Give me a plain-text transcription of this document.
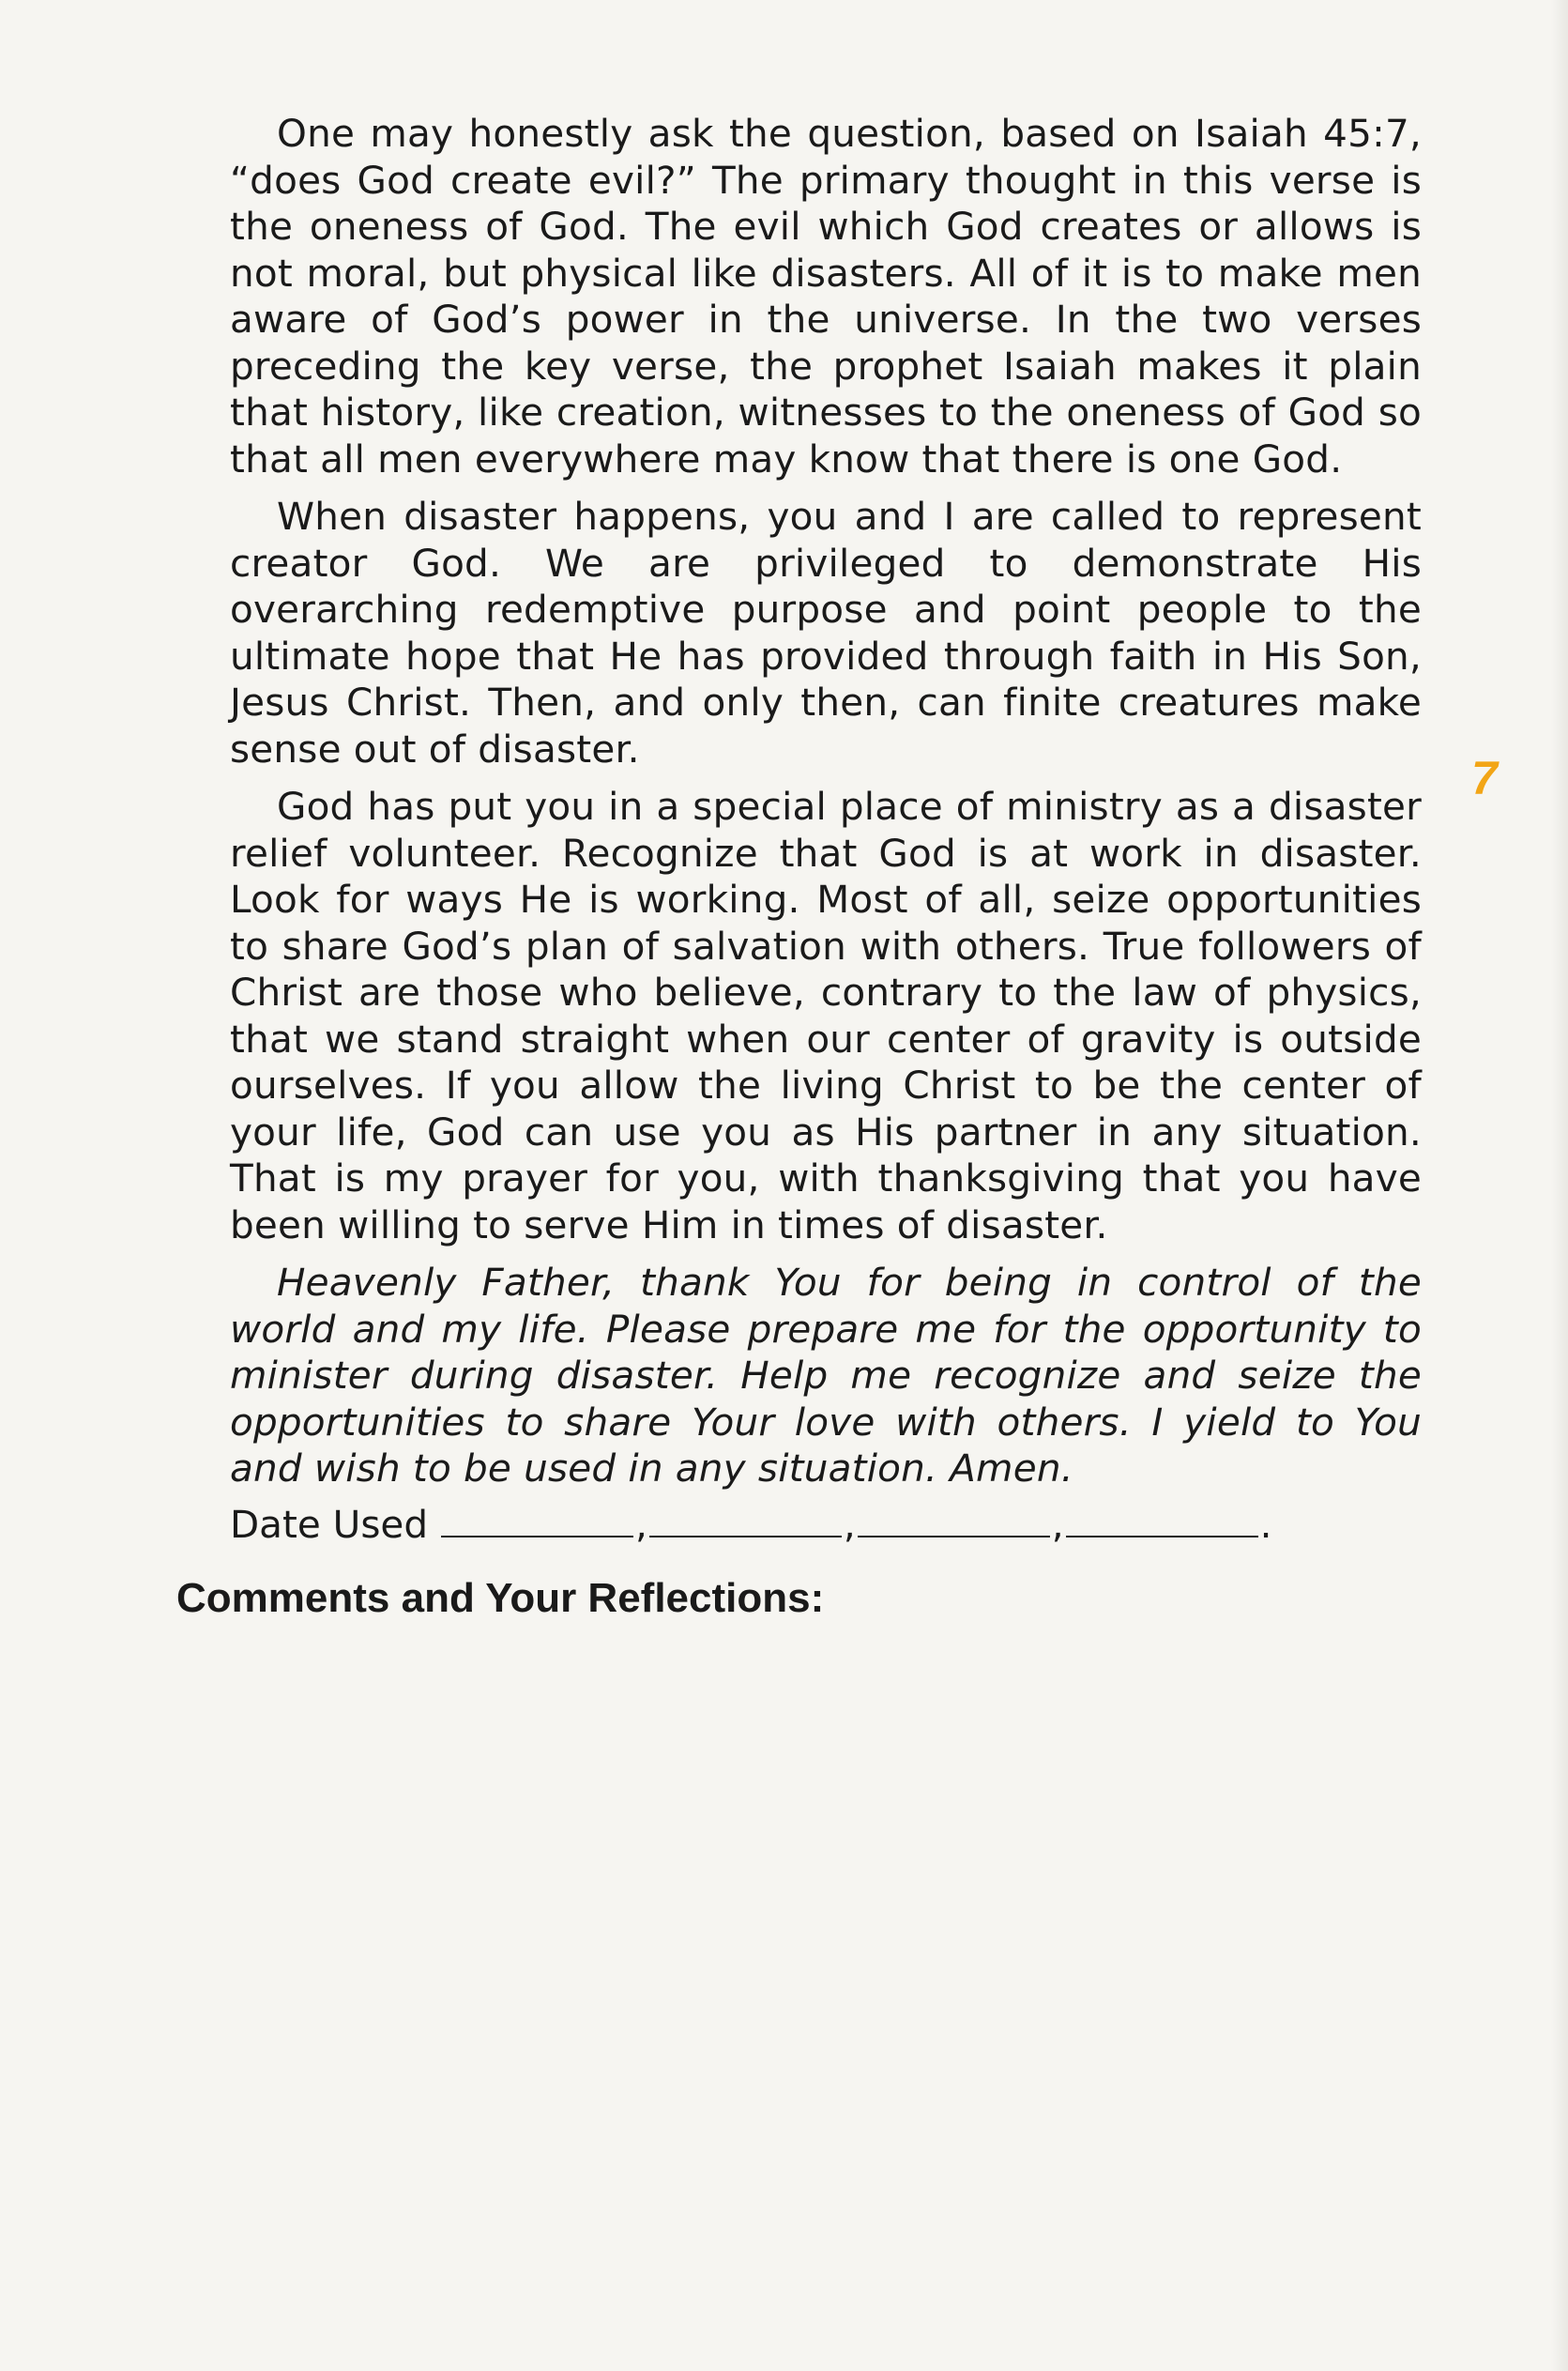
One may honestly ask the question, based on Isaiah 45:7, “does God create evil?” The primary thought in this verse is the oneness of God. The evil which God creates or allows is not moral, but physical like disasters. All of it is to make men aware of God’s power in the universe. In the two verses preceding the key verse, the prophet Isaiah makes it plain that history, like creation, witnesses to the oneness of God so that all men everywhere may know that there is one God.

When disaster happens, you and I are called to represent creator God. We are privileged to demonstrate His overarching redemptive purpose and point people to the ultimate hope that He has provided through faith in His Son, Jesus Christ. Then, and only then, can finite creatures make sense out of disaster.

God has put you in a special place of ministry as a disaster relief volunteer. Recognize that God is at work in disaster. Look for ways He is working. Most of all, seize opportunities to share God’s plan of salvation with others. True followers of Christ are those who believe, contrary to the law of physics, that we stand straight when our center of gravity is outside ourselves. If you allow the living Christ to be the center of your life, God can use you as His partner in any situation. That is my prayer for you, with thanksgiving that you have been willing to serve Him in times of disaster.

Heavenly Father, thank You for being in control of the world and my life. Please prepare me for the opportunity to minister during disaster. Help me recognize and seize the opportunities to share Your love with others. I yield to You and wish to be used in any situation. Amen.

Date Used	,	,	,	.

Comments and Your Reflections:

7
